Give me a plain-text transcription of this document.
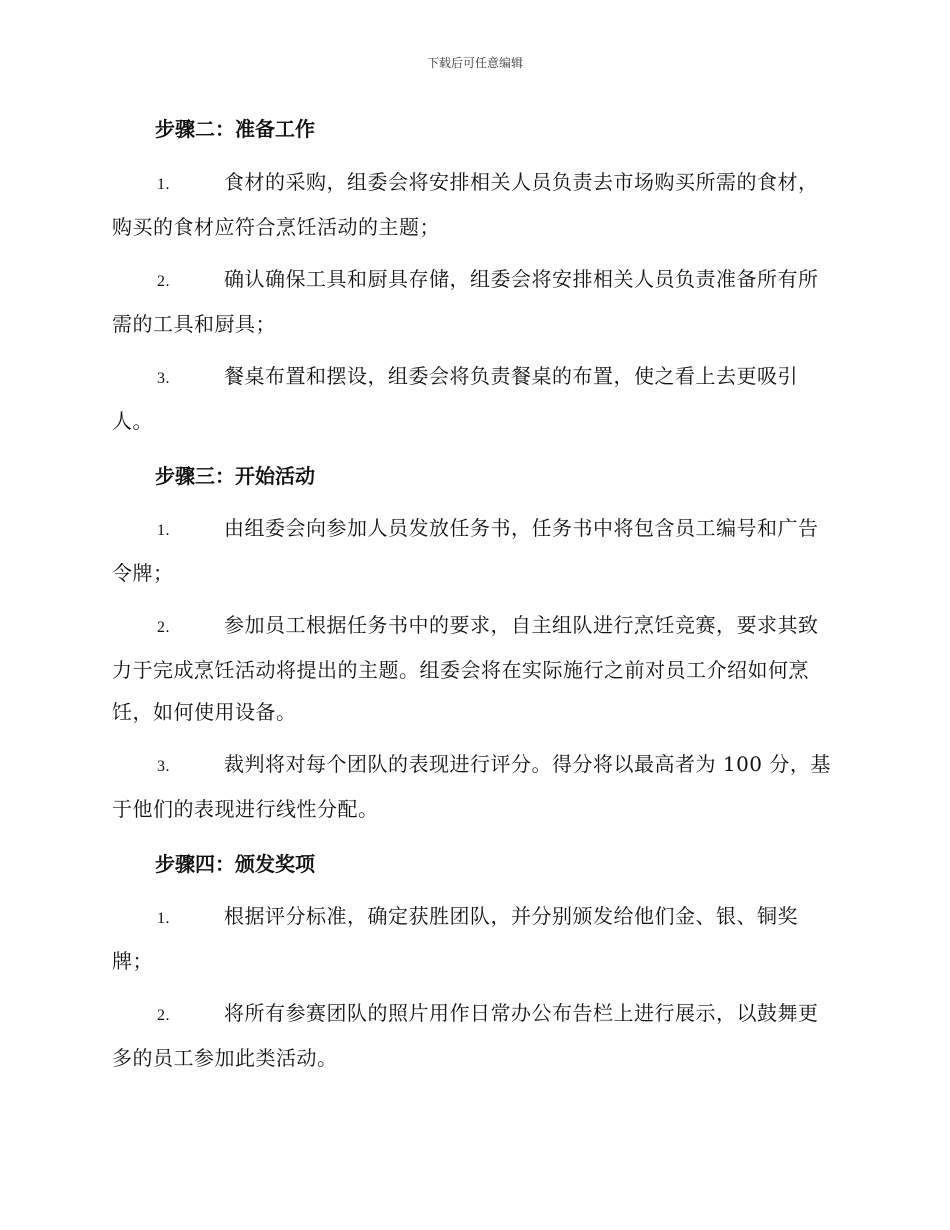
下载后可任意编辑
步骤二：准备工作
1.	食材的采购，组委会将安排相关人员负责去市场购买所需的食材，购买的食材应符合烹饪活动的主题；
2.	确认确保工具和厨具存储，组委会将安排相关人员负责准备所有所需的工具和厨具；
3.	餐桌布置和摆设，组委会将负责餐桌的布置，使之看上去更吸引人。
步骤三：开始活动
1.	由组委会向参加人员发放任务书，任务书中将包含员工编号和广告令牌；
2.	参加员工根据任务书中的要求，自主组队进行烹饪竞赛，要求其致力于完成烹饪活动将提出的主题。组委会将在实际施行之前对员工介绍如何烹饪，如何使用设备。
3.	裁判将对每个团队的表现进行评分。得分将以最高者为 100 分，基于他们的表现进行线性分配。
步骤四：颁发奖项
1.	根据评分标准，确定获胜团队，并分别颁发给他们金、银、铜奖牌；
2.	将所有参赛团队的照片用作日常办公布告栏上进行展示，以鼓舞更多的员工参加此类活动。
